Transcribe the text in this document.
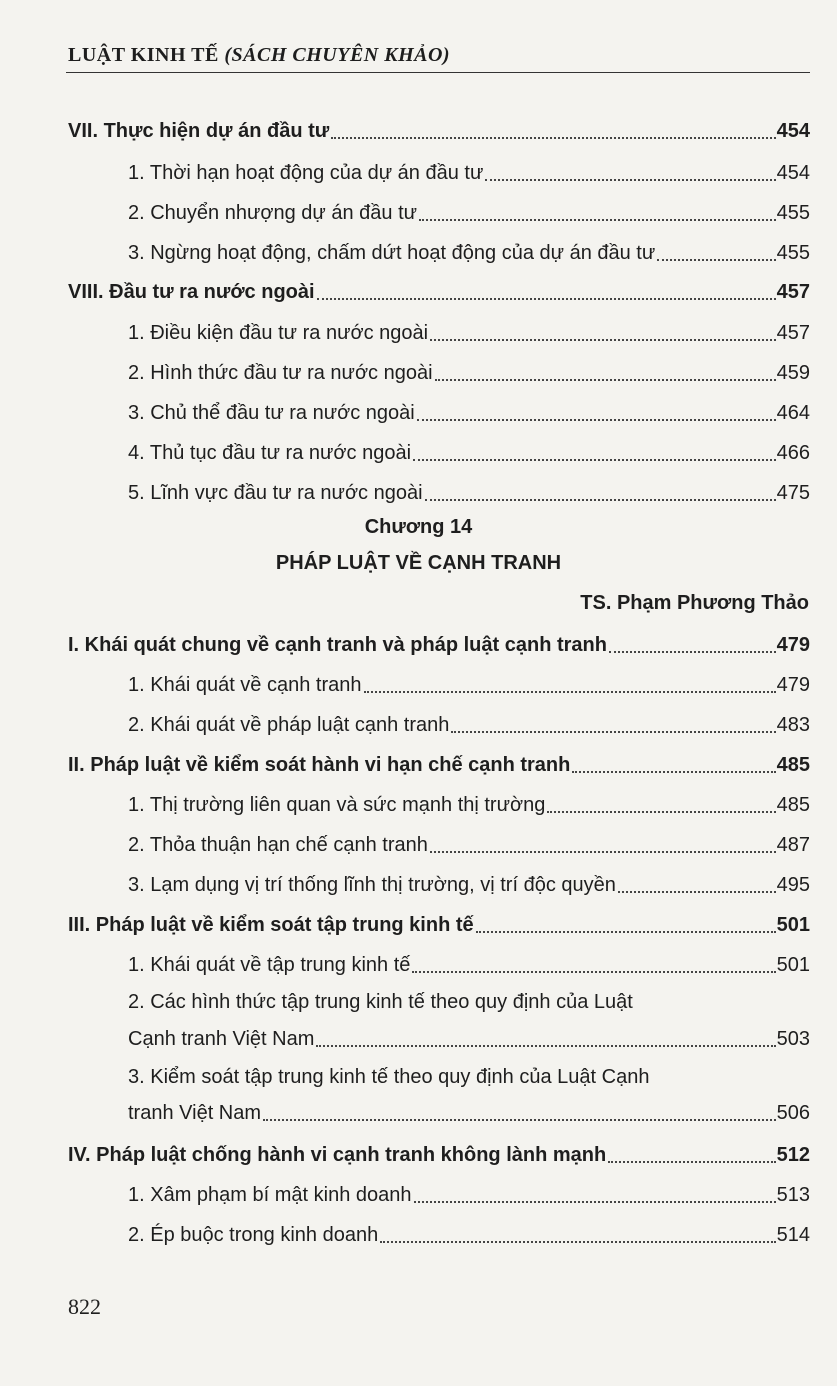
LUẬT KINH TẾ (SÁCH CHUYÊN KHẢO)
VII. Thực hiện dự án đầu tư	454
1. Thời hạn hoạt động của dự án đầu tư	454
2. Chuyển nhượng dự án đầu tư	455
3. Ngừng hoạt động, chấm dứt hoạt động của dự án đầu tư	455
VIII. Đầu tư ra nước ngoài	457
1. Điều kiện đầu tư ra nước ngoài	457
2. Hình thức đầu tư ra nước ngoài	459
3. Chủ thể đầu tư ra nước ngoài	464
4. Thủ tục đầu tư ra nước ngoài	466
5. Lĩnh vực đầu tư ra nước ngoài	475
Chương 14
PHÁP LUẬT VỀ CẠNH TRANH
TS. Phạm Phương Thảo
I. Khái quát chung về cạnh tranh và pháp luật cạnh tranh	479
1. Khái quát về cạnh tranh	479
2. Khái quát về pháp luật cạnh tranh	483
II. Pháp luật về kiểm soát hành vi hạn chế cạnh tranh	485
1. Thị trường liên quan và sức mạnh thị trường	485
2. Thỏa thuận hạn chế cạnh tranh	487
3. Lạm dụng vị trí thống lĩnh thị trường, vị trí độc quyền	495
III. Pháp luật về kiểm soát tập trung kinh tế	501
1. Khái quát về tập trung kinh tế	501
2. Các hình thức tập trung kinh tế theo quy định của Luật
Cạnh tranh Việt Nam	503
3. Kiểm soát tập trung kinh tế theo quy định của Luật Cạnh
tranh Việt Nam	506
IV. Pháp luật chống hành vi cạnh tranh không lành mạnh	512
1. Xâm phạm bí mật kinh doanh	513
2. Ép buộc trong kinh doanh	514
822
